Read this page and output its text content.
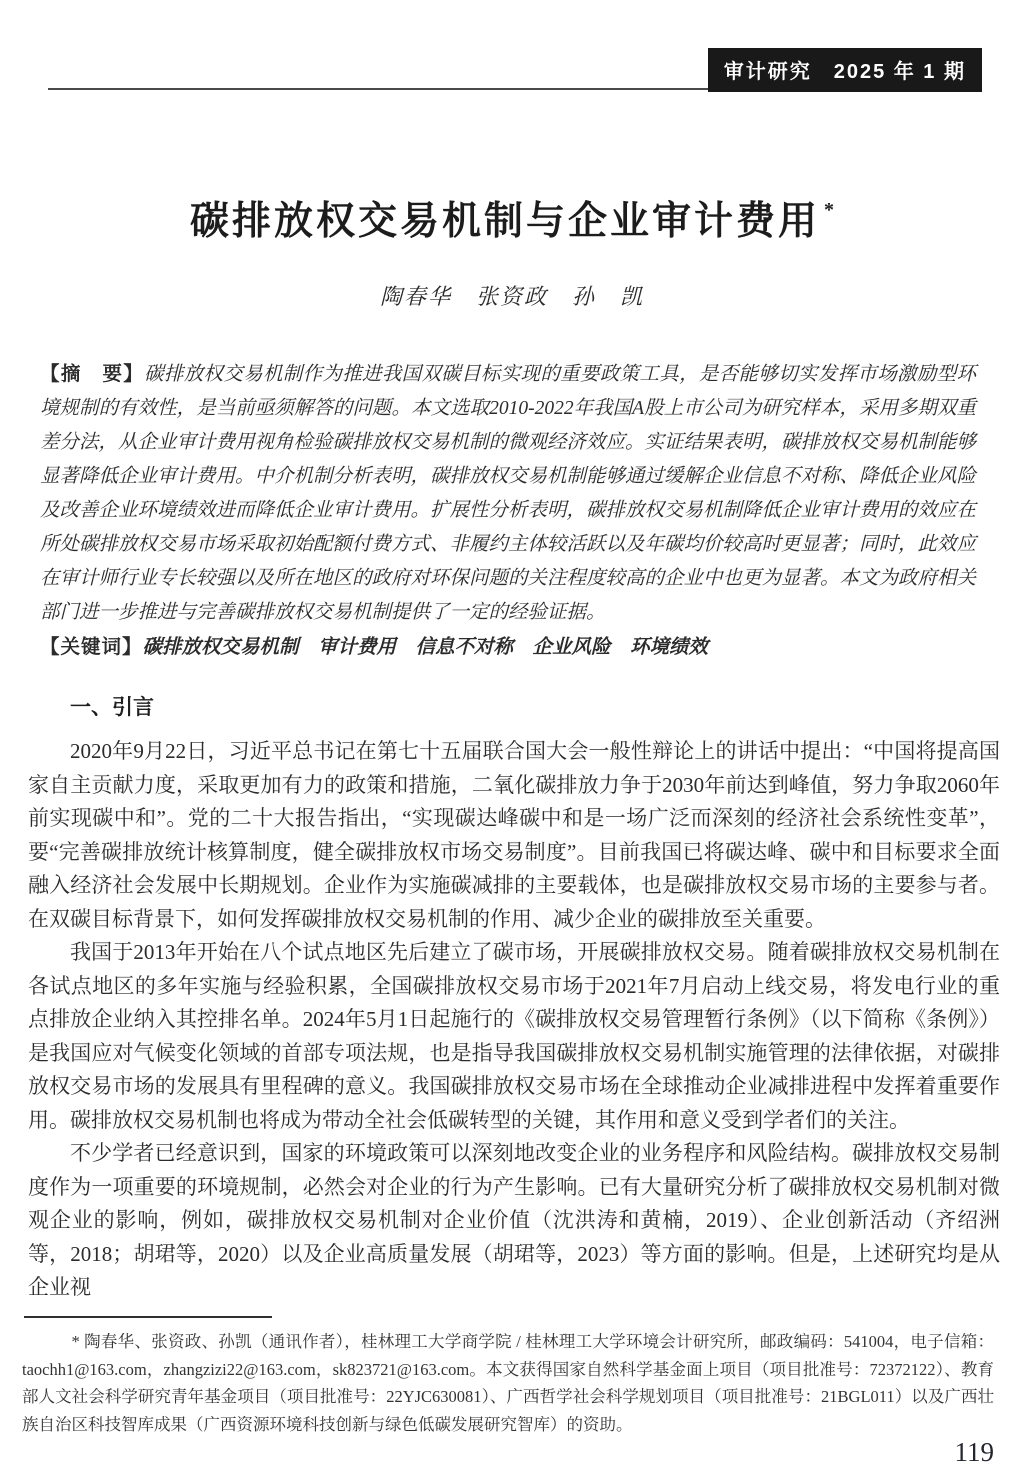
审计研究　2025 年 1 期
碳排放权交易机制与企业审计费用 *
陶春华　张资政　孙　凯

【摘　要】碳排放权交易机制作为推进我国双碳目标实现的重要政策工具，是否能够切实发挥市场激励型环境规制的有效性，是当前亟须解答的问题。本文选取2010-2022年我国A股上市公司为研究样本，采用多期双重差分法，从企业审计费用视角检验碳排放权交易机制的微观经济效应。实证结果表明，碳排放权交易机制能够显著降低企业审计费用。中介机制分析表明，碳排放权交易机制能够通过缓解企业信息不对称、降低企业风险及改善企业环境绩效进而降低企业审计费用。扩展性分析表明，碳排放权交易机制降低企业审计费用的效应在所处碳排放权交易市场采取初始配额付费方式、非履约主体较活跃以及年碳均价较高时更显著；同时，此效应在审计师行业专长较强以及所在地区的政府对环保问题的关注程度较高的企业中也更为显著。本文为政府相关部门进一步推进与完善碳排放权交易机制提供了一定的经验证据。

【关键词】碳排放权交易机制　审计费用　信息不对称　企业风险　环境绩效

一、引言

2020年9月22日，习近平总书记在第七十五届联合国大会一般性辩论上的讲话中提出：“中国将提高国家自主贡献力度，采取更加有力的政策和措施，二氧化碳排放力争于2030年前达到峰值，努力争取2060年前实现碳中和”。党的二十大报告指出，“实现碳达峰碳中和是一场广泛而深刻的经济社会系统性变革”，要“完善碳排放统计核算制度，健全碳排放权市场交易制度”。目前我国已将碳达峰、碳中和目标要求全面融入经济社会发展中长期规划。企业作为实施碳减排的主要载体，也是碳排放权交易市场的主要参与者。在双碳目标背景下，如何发挥碳排放权交易机制的作用、减少企业的碳排放至关重要。

我国于2013年开始在八个试点地区先后建立了碳市场，开展碳排放权交易。随着碳排放权交易机制在各试点地区的多年实施与经验积累，全国碳排放权交易市场于2021年7月启动上线交易，将发电行业的重点排放企业纳入其控排名单。2024年5月1日起施行的《碳排放权交易管理暂行条例》（以下简称《条例》）是我国应对气候变化领域的首部专项法规，也是指导我国碳排放权交易机制实施管理的法律依据，对碳排放权交易市场的发展具有里程碑的意义。我国碳排放权交易市场在全球推动企业减排进程中发挥着重要作用。碳排放权交易机制也将成为带动全社会低碳转型的关键，其作用和意义受到学者们的关注。

不少学者已经意识到，国家的环境政策可以深刻地改变企业的业务程序和风险结构。碳排放权交易制度作为一项重要的环境规制，必然会对企业的行为产生影响。已有大量研究分析了碳排放权交易机制对微观企业的影响，例如，碳排放权交易机制对企业价值（沈洪涛和黄楠，2019）、企业创新活动（齐绍洲等，2018；胡珺等，2020）以及企业高质量发展（胡珺等，2023）等方面的影响。但是，上述研究均是从企业视

* 陶春华、张资政、孙凯（通讯作者），桂林理工大学商学院 / 桂林理工大学环境会计研究所，邮政编码：541004，电子信箱：taochh1@163.com，zhangzizi22@163.com，sk823721@163.com。本文获得国家自然科学基金面上项目（项目批准号：72372122）、教育部人文社会科学研究青年基金项目（项目批准号：22YJC630081）、广西哲学社会科学规划项目（项目批准号：21BGL011）以及广西壮族自治区科技智库成果（广西资源环境科技创新与绿色低碳发展研究智库）的资助。

119
